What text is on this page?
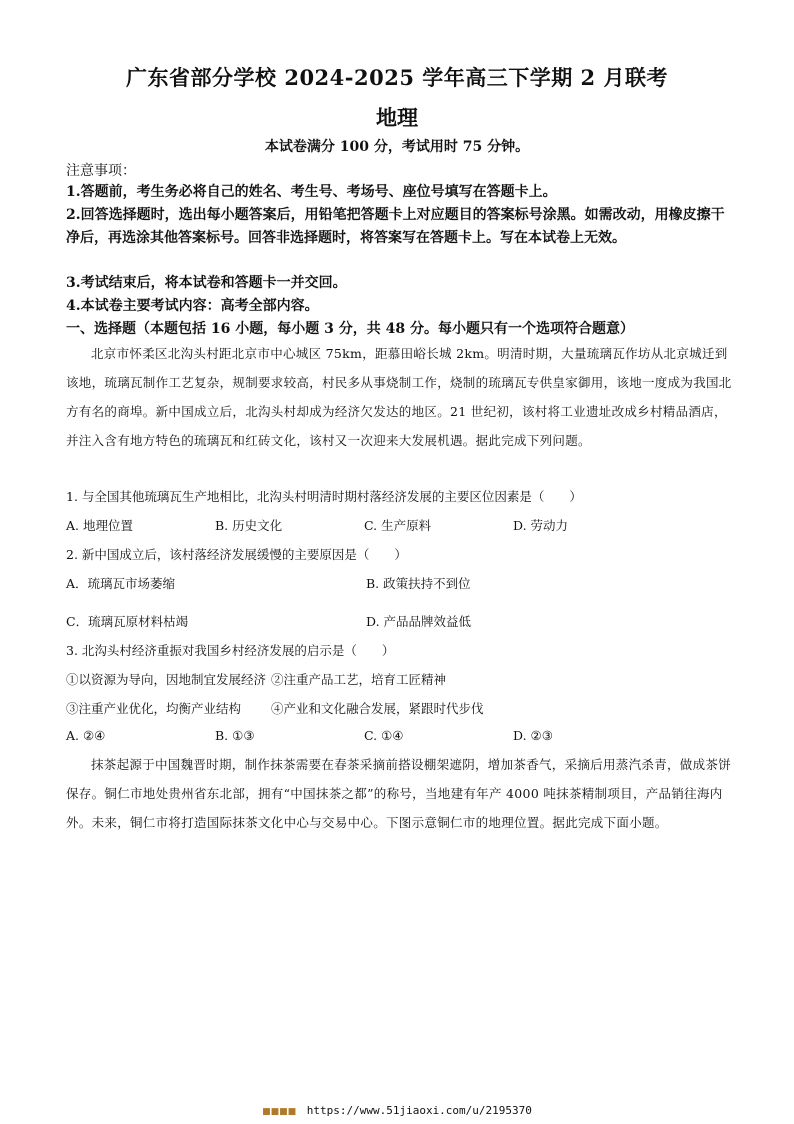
广东省部分学校 2024-2025 学年高三下学期 2 月联考
地理
本试卷满分 100 分，考试用时 75 分钟。
注意事项：
1.答题前，考生务必将自己的姓名、考生号、考场号、座位号填写在答题卡上。
2.回答选择题时，选出每小题答案后，用铅笔把答题卡上对应题目的答案标号涂黑。如需改动，用橡皮擦干净后，再选涂其他答案标号。回答非选择题时，将答案写在答题卡上。写在本试卷上无效。
3.考试结束后，将本试卷和答题卡一并交回。
4.本试卷主要考试内容：高考全部内容。
一、选择题（本题包括 16 小题，每小题 3 分，共 48 分。每小题只有一个选项符合题意）
北京市怀柔区北沟头村距北京市中心城区 75km，距慕田峪长城 2km。明清时期，大量琉璃瓦作坊从北京城迁到该地，琉璃瓦制作工艺复杂，规制要求较高，村民多从事烧制工作，烧制的琉璃瓦专供皇家御用，该地一度成为我国北方有名的商埠。新中国成立后，北沟头村却成为经济欠发达的地区。21 世纪初，该村将工业遗址改成乡村精品酒店，并注入含有地方特色的琉璃瓦和红砖文化，该村又一次迎来大发展机遇。据此完成下列问题。
1. 与全国其他琉璃瓦生产地相比，北沟头村明清时期村落经济发展的主要区位因素是（　　）
A. 地理位置	B. 历史文化	C. 生产原料	D. 劳动力
2. 新中国成立后，该村落经济发展缓慢的主要原因是（　　）
A．琉璃瓦市场萎缩	B. 政策扶持不到位
C．琉璃瓦原材料枯竭	D. 产品品牌效益低
3. 北沟头村经济重振对我国乡村经济发展的启示是（　　）
①以资源为导向，因地制宜发展经济 ②注重产品工艺，培育工匠精神
③注重产业优化，均衡产业结构	④产业和文化融合发展，紧跟时代步伐
A. ②④	B. ①③	C. ①④	D. ②③
抹茶起源于中国魏晋时期，制作抹茶需要在春茶采摘前搭设棚架遮阴，增加茶香气，采摘后用蒸汽杀青，做成茶饼保存。铜仁市地处贵州省东北部，拥有“中国抹茶之都”的称号，当地建有年产 4000 吨抹茶精制项目，产品销往海内外。未来，铜仁市将打造国际抹茶文化中心与交易中心。下图示意铜仁市的地理位置。据此完成下面小题。
■■■■ https://www.51jiaoxi.com/u/2195370
